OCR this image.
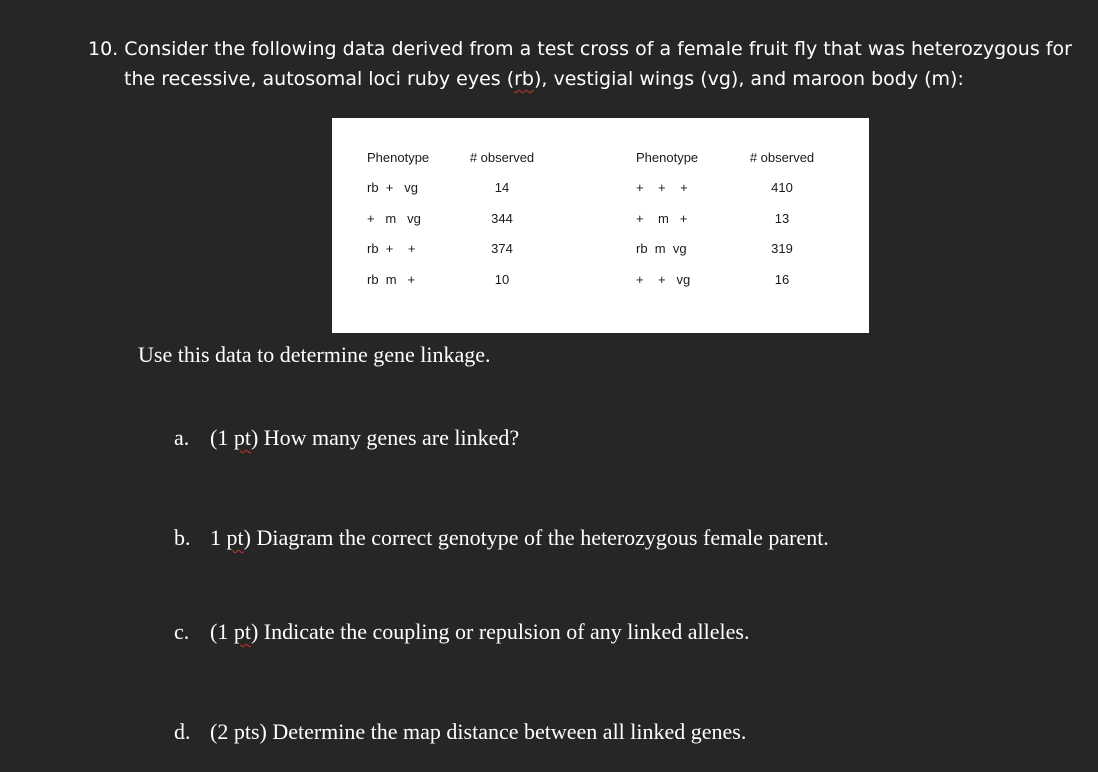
10. Consider the following data derived from a test cross of a female fruit fly that was heterozygous for
the recessive, autosomal loci ruby eyes (rb), vestigial wings (vg), and maroon body (m):
Phenotype	# observed	Phenotype	# observed
rb  +   vg	14	+    +    +	410
+   m   vg	344	+    m   +	13
rb  +    +	374	rb  m  vg	319
rb  m   +	10	+    +   vg	16
Use this data to determine gene linkage.
a. (1 pt) How many genes are linked?
b. 1 pt) Diagram the correct genotype of the heterozygous female parent.
c. (1 pt) Indicate the coupling or repulsion of any linked alleles.
d. (2 pts) Determine the map distance between all linked genes.
